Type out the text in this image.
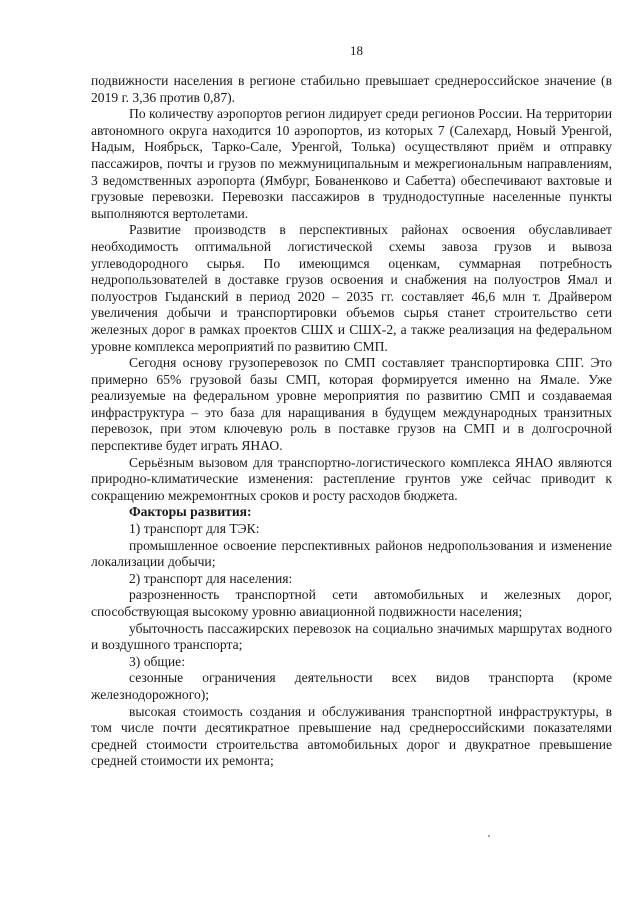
18

подвижности населения в регионе стабильно превышает среднероссийское значение (в 2019 г. 3,36 против 0,87).

По количеству аэропортов регион лидирует среди регионов России. На территории автономного округа находится 10 аэропортов, из которых 7 (Салехард, Новый Уренгой, Надым, Ноябрьск, Тарко-Сале, Уренгой, Толька) осуществляют приём и отправку пассажиров, почты и грузов по межмуниципальным и межрегиональным направлениям, 3 ведомственных аэропорта (Ямбург, Бованенково и Сабетта) обеспечивают вахтовые и грузовые перевозки. Перевозки пассажиров в труднодоступные населенные пункты выполняются вертолетами.

Развитие производств в перспективных районах освоения обуславливает необходимость оптимальной логистической схемы завоза грузов и вывоза углеводородного сырья. По имеющимся оценкам, суммарная потребность недропользователей в доставке грузов освоения и снабжения на полуостров Ямал и полуостров Гыданский в период 2020 – 2035 гг. составляет 46,6 млн т. Драйвером увеличения добычи и транспортировки объемов сырья станет строительство сети железных дорог в рамках проектов СШХ и СШХ-2, а также реализация на федеральном уровне комплекса мероприятий по развитию СМП.

Сегодня основу грузоперевозок по СМП составляет транспортировка СПГ. Это примерно 65% грузовой базы СМП, которая формируется именно на Ямале. Уже реализуемые на федеральном уровне мероприятия по развитию СМП и создаваемая инфраструктура – это база для наращивания в будущем международных транзитных перевозок, при этом ключевую роль в поставке грузов на СМП и в долгосрочной перспективе будет играть ЯНАО.

Серьёзным вызовом для транспортно-логистического комплекса ЯНАО являются природно-климатические изменения: растепление грунтов уже сейчас приводит к сокращению межремонтных сроков и росту расходов бюджета.

Факторы развития:

1) транспорт для ТЭК:

промышленное освоение перспективных районов недропользования и изменение локализации добычи;

2) транспорт для населения:

разрозненность транспортной сети автомобильных и железных дорог, способствующая высокому уровню авиационной подвижности населения;

убыточность пассажирских перевозок на социально значимых маршрутах водного и воздушного транспорта;

3) общие:

сезонные ограничения деятельности всех видов транспорта (кроме железнодорожного);

высокая стоимость создания и обслуживания транспортной инфраструктуры, в том числе почти десятикратное превышение над среднероссийскими показателями средней стоимости строительства автомобильных дорог и двукратное превышение средней стоимости их ремонта;
